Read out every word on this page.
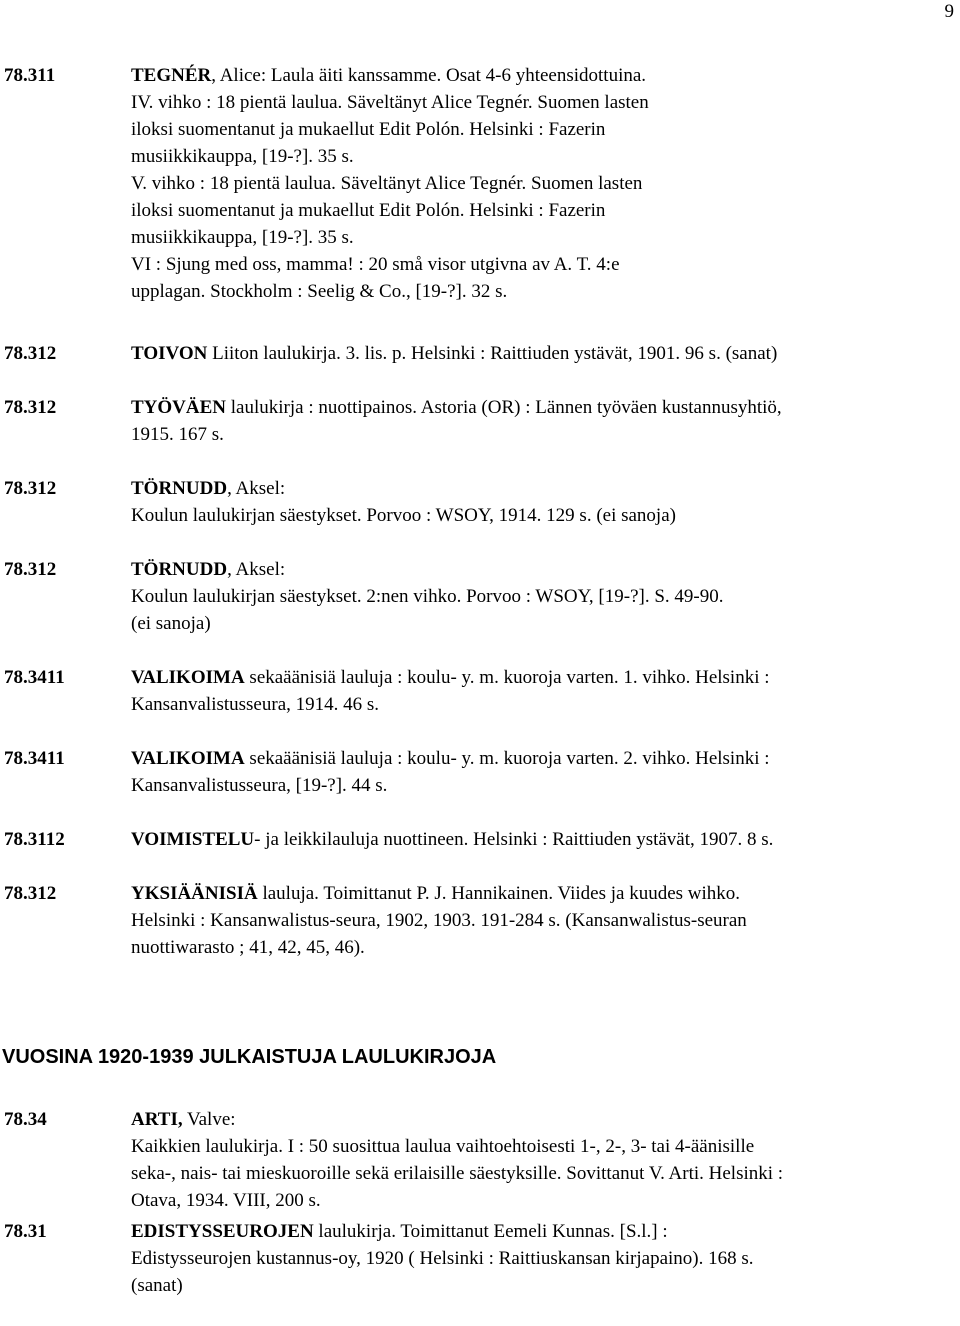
9
78.311	TEGNÉR, Alice: Laula äiti kanssamme. Osat 4-6 yhteensidottuina.
IV. vihko : 18 pientä laulua. Säveltänyt Alice Tegnér. Suomen lasten
iloksi suomentanut ja mukaellut Edit Polón. Helsinki : Fazerin
musiikkikauppa, [19-?]. 35 s.
V. vihko : 18 pientä laulua. Säveltänyt Alice Tegnér. Suomen lasten
iloksi suomentanut ja mukaellut Edit Polón. Helsinki : Fazerin
musiikkikauppa, [19-?]. 35 s.
VI : Sjung med oss, mamma! : 20 små visor utgivna av A. T. 4:e
upplagan. Stockholm : Seelig & Co., [19-?]. 32 s.
78.312	TOIVON Liiton laulukirja. 3. lis. p. Helsinki : Raittiuden ystävät, 1901. 96 s. (sanat)
78.312	TYÖVÄEN laulukirja : nuottipainos. Astoria (OR) : Lännen työväen kustannusyhtiö,
1915. 167 s.
78.312	TÖRNUDD, Aksel:
Koulun laulukirjan säestykset. Porvoo : WSOY, 1914. 129 s. (ei sanoja)
78.312	TÖRNUDD, Aksel:
Koulun laulukirjan säestykset. 2:nen vihko. Porvoo : WSOY, [19-?]. S. 49-90.
(ei sanoja)
78.3411	VALIKOIMA sekaäänisiä lauluja : koulu- y. m. kuoroja varten. 1. vihko. Helsinki :
Kansanvalistusseura, 1914. 46 s.
78.3411	VALIKOIMA sekaäänisiä lauluja : koulu- y. m. kuoroja varten. 2. vihko. Helsinki :
Kansanvalistusseura, [19-?]. 44 s.
78.3112	VOIMISTELU- ja leikkilauluja nuottineen. Helsinki : Raittiuden ystävät, 1907. 8 s.
78.312	YKSIÄÄNISIÄ lauluja. Toimittanut P. J. Hannikainen. Viides ja kuudes wihko.
Helsinki : Kansanwalistus-seura, 1902, 1903. 191-284 s. (Kansanwalistus-seuran
nuottiwarasto ; 41, 42, 45, 46).
VUOSINA 1920-1939 JULKAISTUJA LAULUKIRJOJA
78.34	ARTI, Valve:
Kaikkien laulukirja. I : 50 suosittua laulua vaihtoehtoisesti 1-, 2-, 3- tai 4-äänisille
seka-, nais- tai mieskuoroille sekä erilaisille säestyksille. Sovittanut V. Arti. Helsinki :
Otava, 1934. VIII, 200 s.
78.31	EDISTYSSEUROJEN laulukirja. Toimittanut Eemeli Kunnas. [S.l.] :
Edistysseurojen kustannus-oy, 1920 ( Helsinki : Raittiuskansan kirjapaino). 168 s.
(sanat)
